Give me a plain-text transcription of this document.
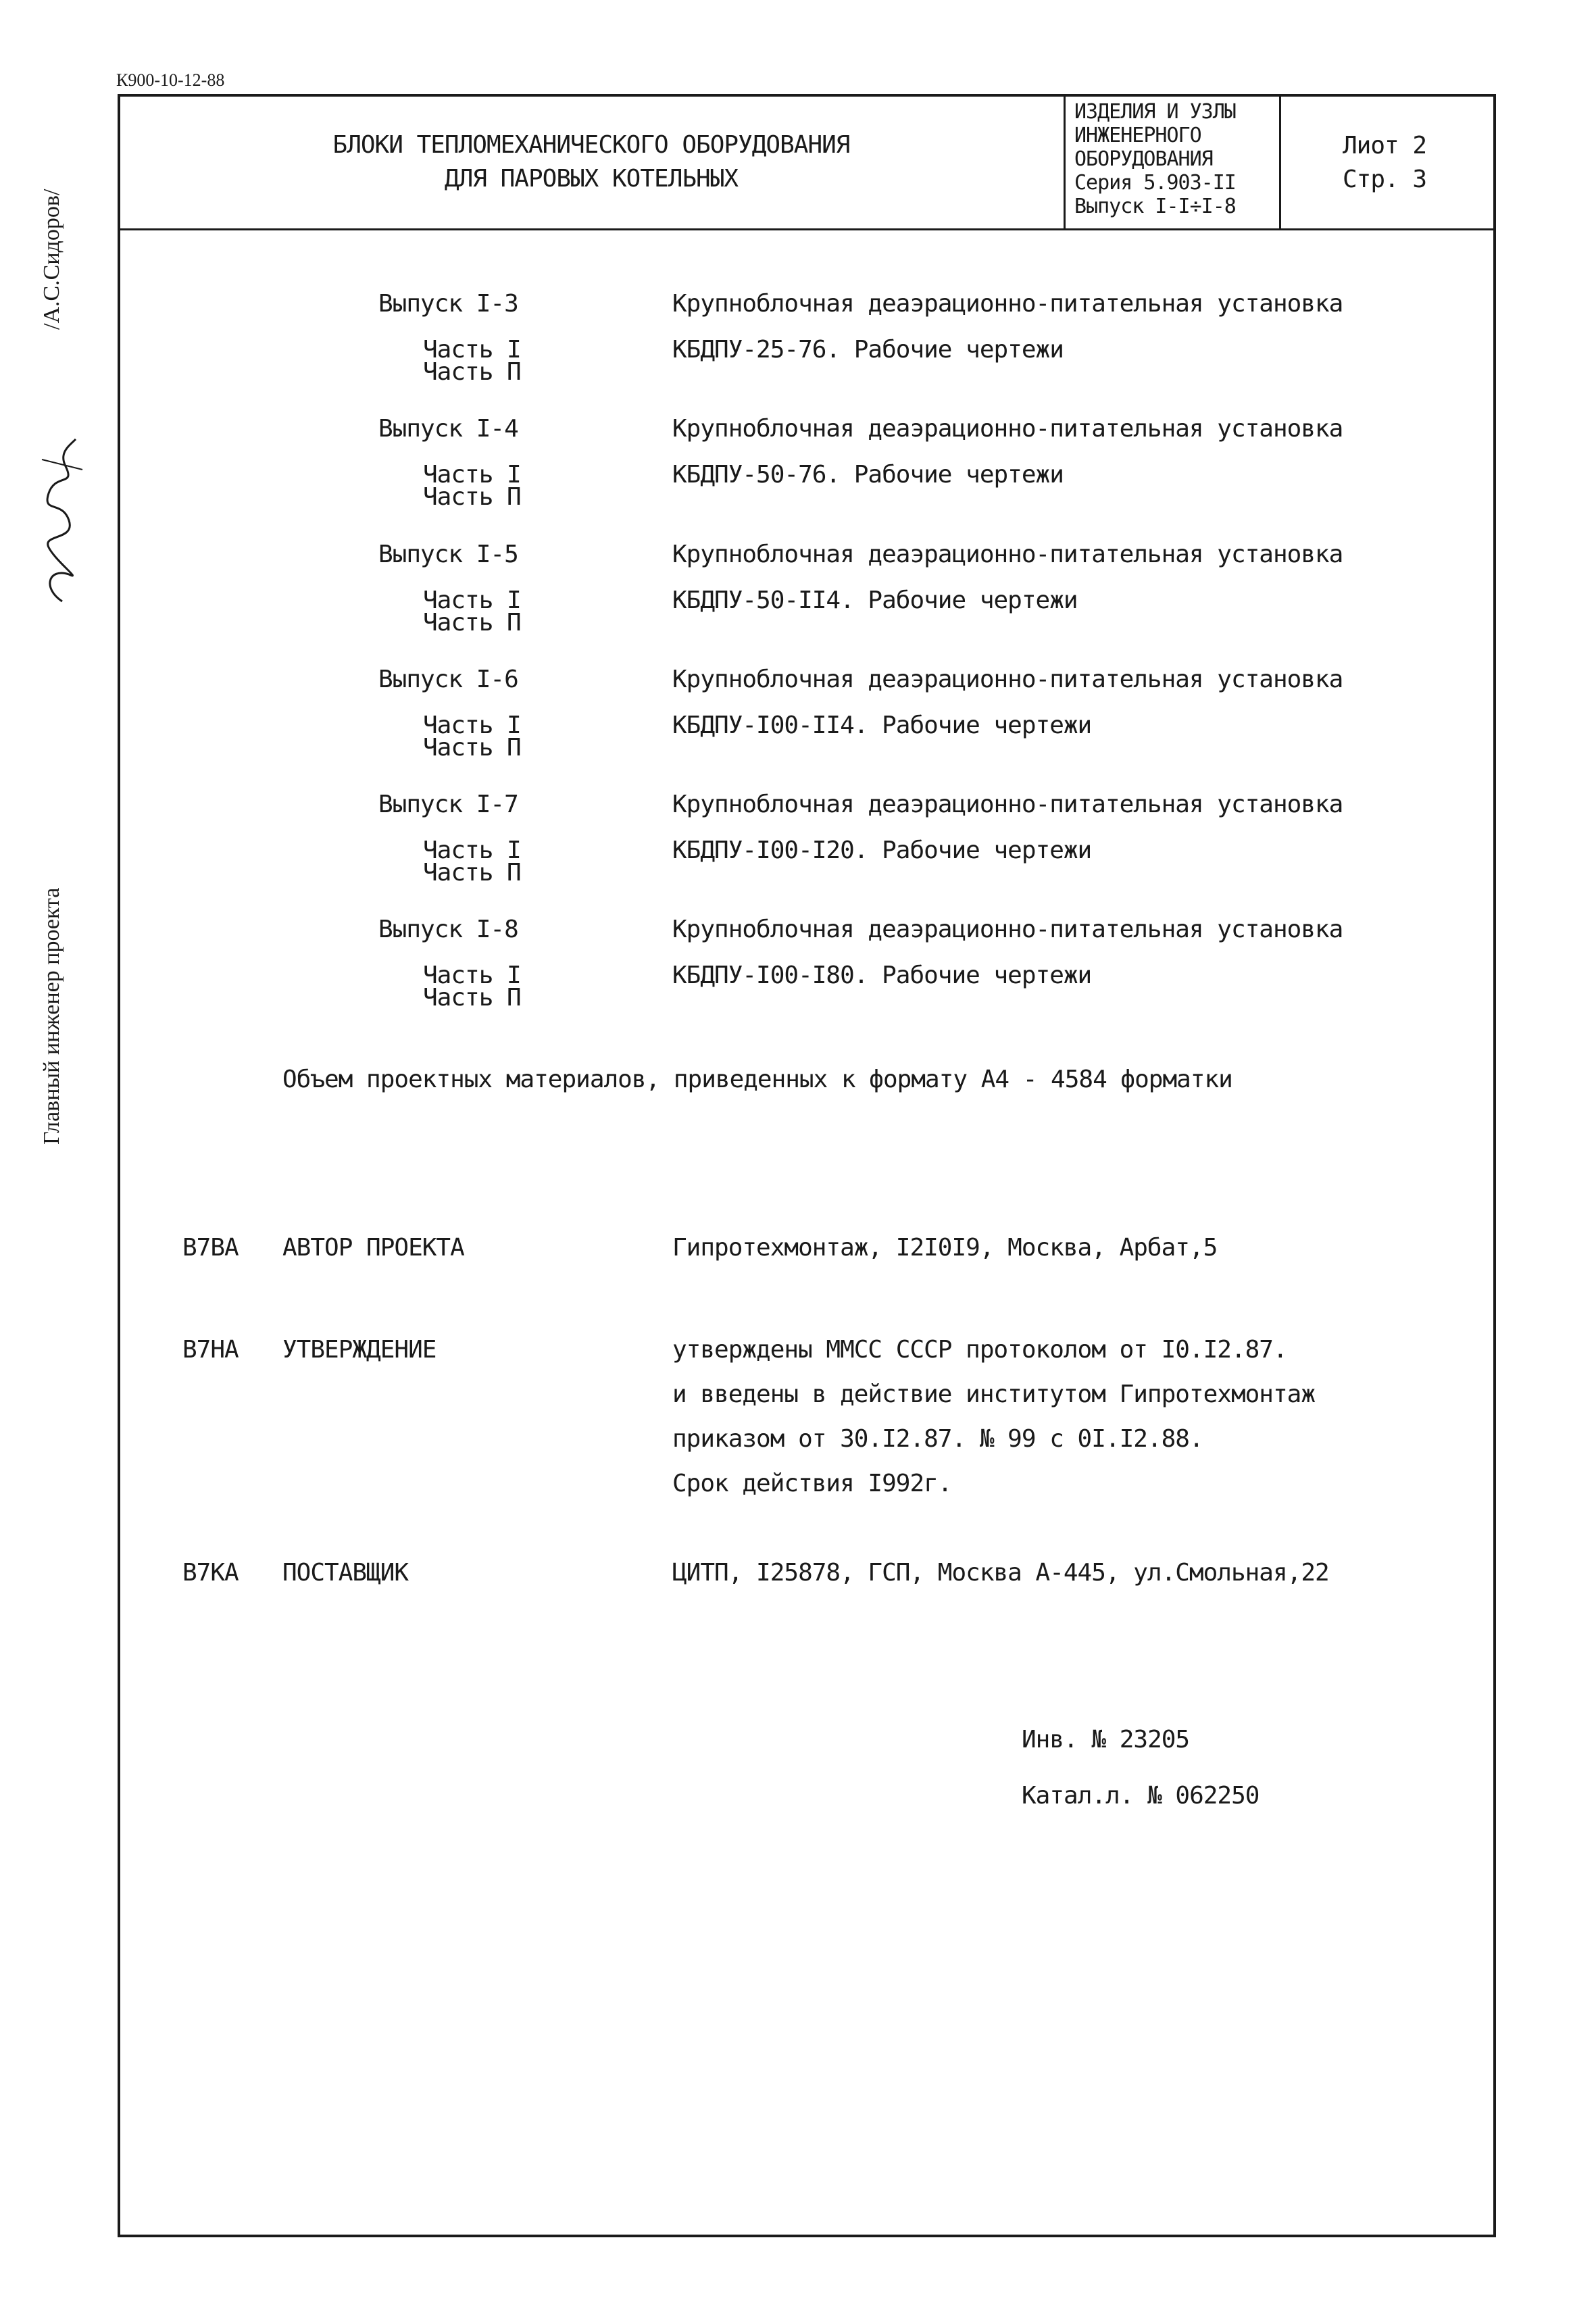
К900-10-12-88
БЛОКИ ТЕПЛОМЕХАНИЧЕСКОГО ОБОРУДОВАНИЯ
ДЛЯ ПАРОВЫХ КОТЕЛЬНЫХ
ИЗДЕЛИЯ И УЗЛЫ
ИНЖЕНЕРНОГО
ОБОРУДОВАНИЯ
Серия 5.903-II
Выпуск I-I÷I-8
Лиот 2
Стр. 3
/А.С.Сидоров/
Главный инженер проекта
Выпуск I-3	Крупноблочная деаэрационно-питательная установка
Часть I	КБДПУ-25-76. Рабочие чертежи
Часть П
Выпуск I-4	Крупноблочная деаэрационно-питательная установка
Часть I	КБДПУ-50-76. Рабочие чертежи
Часть П
Выпуск I-5	Крупноблочная деаэрационно-питательная установка
Часть I	КБДПУ-50-II4. Рабочие чертежи
Часть П
Выпуск I-6	Крупноблочная деаэрационно-питательная установка
Часть I	КБДПУ-I00-II4. Рабочие чертежи
Часть П
Выпуск I-7	Крупноблочная деаэрационно-питательная установка
Часть I	КБДПУ-I00-I20. Рабочие чертежи
Часть П
Выпуск I-8	Крупноблочная деаэрационно-питательная установка
Часть I	КБДПУ-I00-I80. Рабочие чертежи
Часть П
Объем проектных материалов, приведенных к формату А4 - 4584 форматки
В7ВА АВТОР ПРОЕКТА	Гипротехмонтаж, I2I0I9, Москва, Арбат,5
В7НА УТВЕРЖДЕНИЕ	утверждены ММСС СССР протоколом от I0.I2.87.
и введены в действие институтом Гипротехмонтаж
приказом от 30.I2.87. № 99 с 0I.I2.88.
Срок действия I992г.
В7КА ПОСТАВЩИК	ЦИТП, I25878, ГСП, Москва А-445, ул.Смольная,22
Инв. № 23205
Катал.л. № 062250
